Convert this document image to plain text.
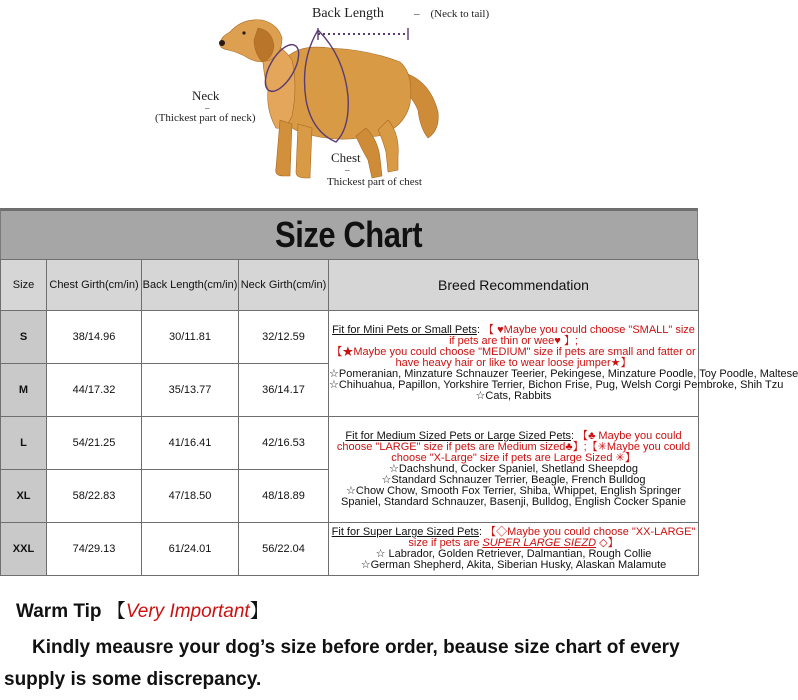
Back Length	– (Neck to tail)
Neck
–
(Thickest part of neck)
Chest
–
Thickest part of chest
Size Chart
Size	Chest Girth(cm/in)	Back Length(cm/in)	Neck Girth(cm/in)	Breed Recommendation
S	38/14.96	30/11.81	32/12.59	Fit for Mini Pets or Small Pets: 【 ♥Maybe you could choose "SMALL" size if pets are thin or wee♥ 】;
【★Maybe you could choose "MEDIUM" size if pets are small and fatter or have heavy hair or like to wear loose jumper★】
☆Pomeranian, Minzature Schnauzer Teerier, Pekingese, Minzature Poodle, Toy Poodle, Maltese
☆Chihuahua, Papillon, Yorkshire Terrier, Bichon Frise, Pug, Welsh Corgi Pembroke, Shih Tzu
☆Cats, Rabbits

M	44/17.32	35/13.77	36/14.17	
L	54/21.25	41/16.41	42/16.53	Fit for Medium Sized Pets or Large Sized Pets: 【♣ Maybe you could choose "LARGE" size if pets are Medium sized♣】;【✳Maybe you could choose "X-Large" size if pets are Large Sized ✳】
☆Dachshund, Cocker Spaniel, Shetland Sheepdog
☆Standard Schnauzer Terrier, Beagle, French Bulldog
☆Chow Chow, Smooth Fox Terrier, Shiba, Whippet, English Springer Spaniel, Standard Schnauzer, Basenji, Bulldog, English Cocker Spanie

XL	58/22.83	47/18.50	48/18.89	
XXL	74/29.13	61/24.01	56/22.04	Fit for Super Large Sized Pets: 【◇Maybe you could choose "XX-LARGE" size if pets are SUPER LARGE SIEZD ◇】
☆ Labrador, Golden Retriever, Dalmantian, Rough Collie
☆German Shepherd, Akita, Siberian Husky, Alaskan Malamute
Warm Tip 【Very Important】
Kindly meausre your dog’s size before order, beause size chart of every supply is some discrepancy.
